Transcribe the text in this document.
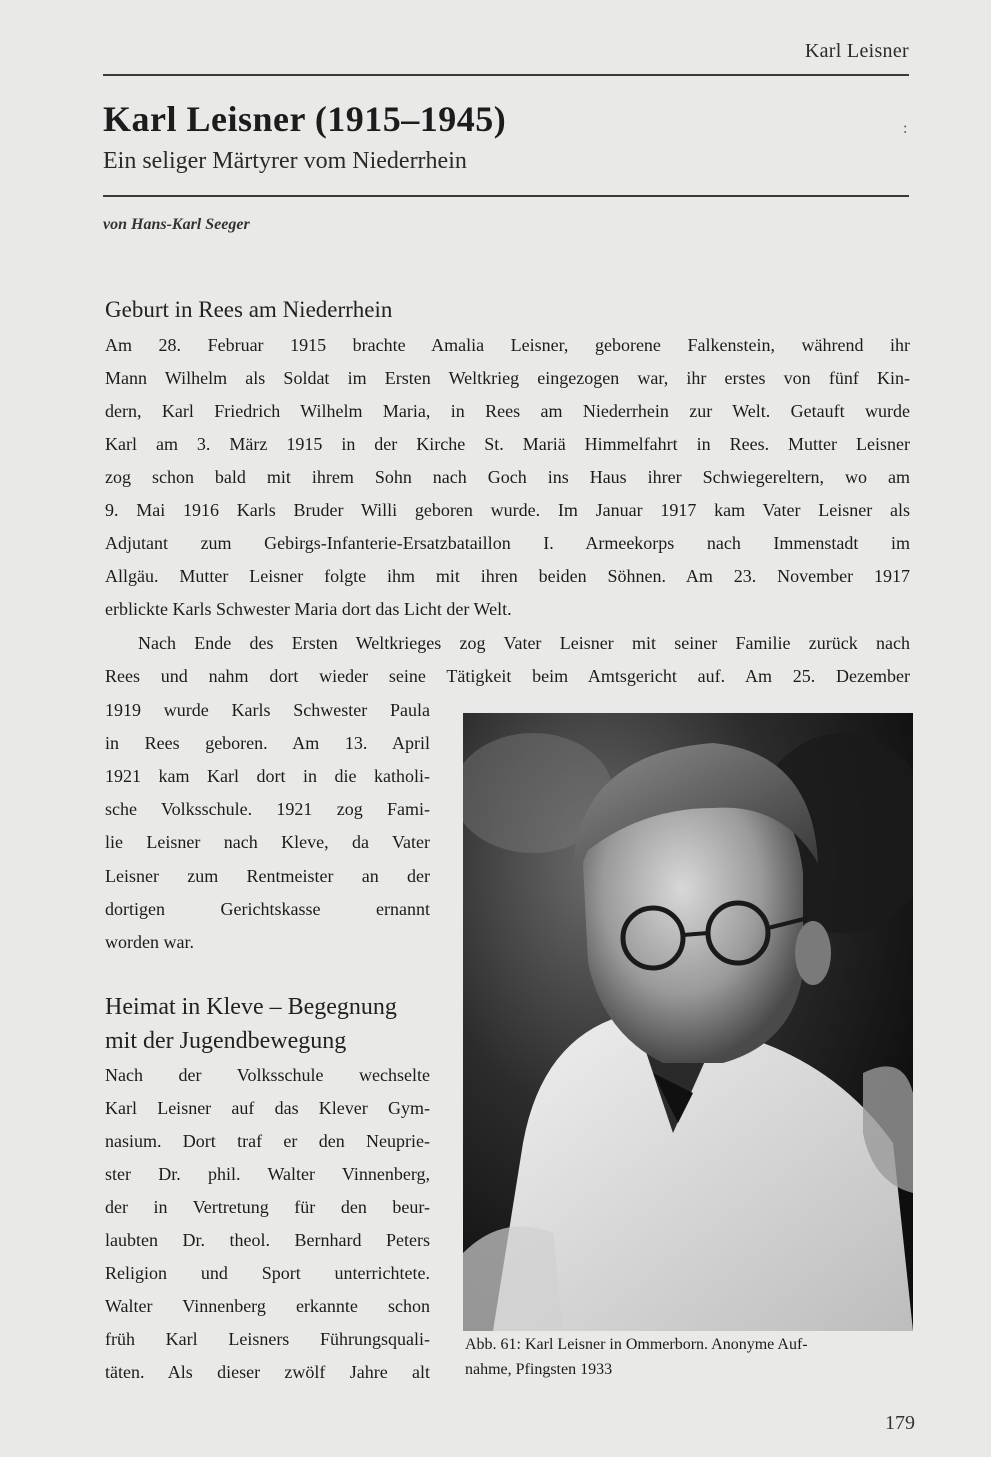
Karl Leisner
Karl Leisner (1915–1945)
Ein seliger Märtyrer vom Niederrhein
:
von Hans-Karl Seeger
Geburt in Rees am Niederrhein
Am 28. Februar 1915 brachte Amalia Leisner, geborene Falkenstein, während ihr
Mann Wilhelm als Soldat im Ersten Weltkrieg eingezogen war, ihr erstes von fünf Kin-
dern, Karl Friedrich Wilhelm Maria, in Rees am Niederrhein zur Welt. Getauft wurde
Karl am 3. März 1915 in der Kirche St. Mariä Himmelfahrt in Rees. Mutter Leisner
zog schon bald mit ihrem Sohn nach Goch ins Haus ihrer Schwiegereltern, wo am
9. Mai 1916 Karls Bruder Willi geboren wurde. Im Januar 1917 kam Vater Leisner als
Adjutant zum Gebirgs-Infanterie-Ersatzbataillon I. Armeekorps nach Immenstadt im
Allgäu. Mutter Leisner folgte ihm mit ihren beiden Söhnen. Am 23. November 1917
erblickte Karls Schwester Maria dort das Licht der Welt.
Nach Ende des Ersten Weltkrieges zog Vater Leisner mit seiner Familie zurück nach
Rees und nahm dort wieder seine Tätigkeit beim Amtsgericht auf. Am 25. Dezember
1919 wurde Karls Schwester Paula
in Rees geboren. Am 13. April
1921 kam Karl dort in die katholi-
sche Volksschule. 1921 zog Fami-
lie Leisner nach Kleve, da Vater
Leisner zum Rentmeister an der
dortigen Gerichtskasse ernannt
worden war.
Heimat in Kleve – Begegnung
mit der Jugendbewegung
Nach der Volksschule wechselte
Karl Leisner auf das Klever Gym-
nasium. Dort traf er den Neuprie-
ster Dr. phil. Walter Vinnenberg,
der in Vertretung für den beur-
laubten Dr. theol. Bernhard Peters
Religion und Sport unterrichtete.
Walter Vinnenberg erkannte schon
früh Karl Leisners Führungsquali-
täten. Als dieser zwölf Jahre alt
Abb. 61: Karl Leisner in Ommerborn. Anonyme Auf-
nahme, Pfingsten 1933
179
